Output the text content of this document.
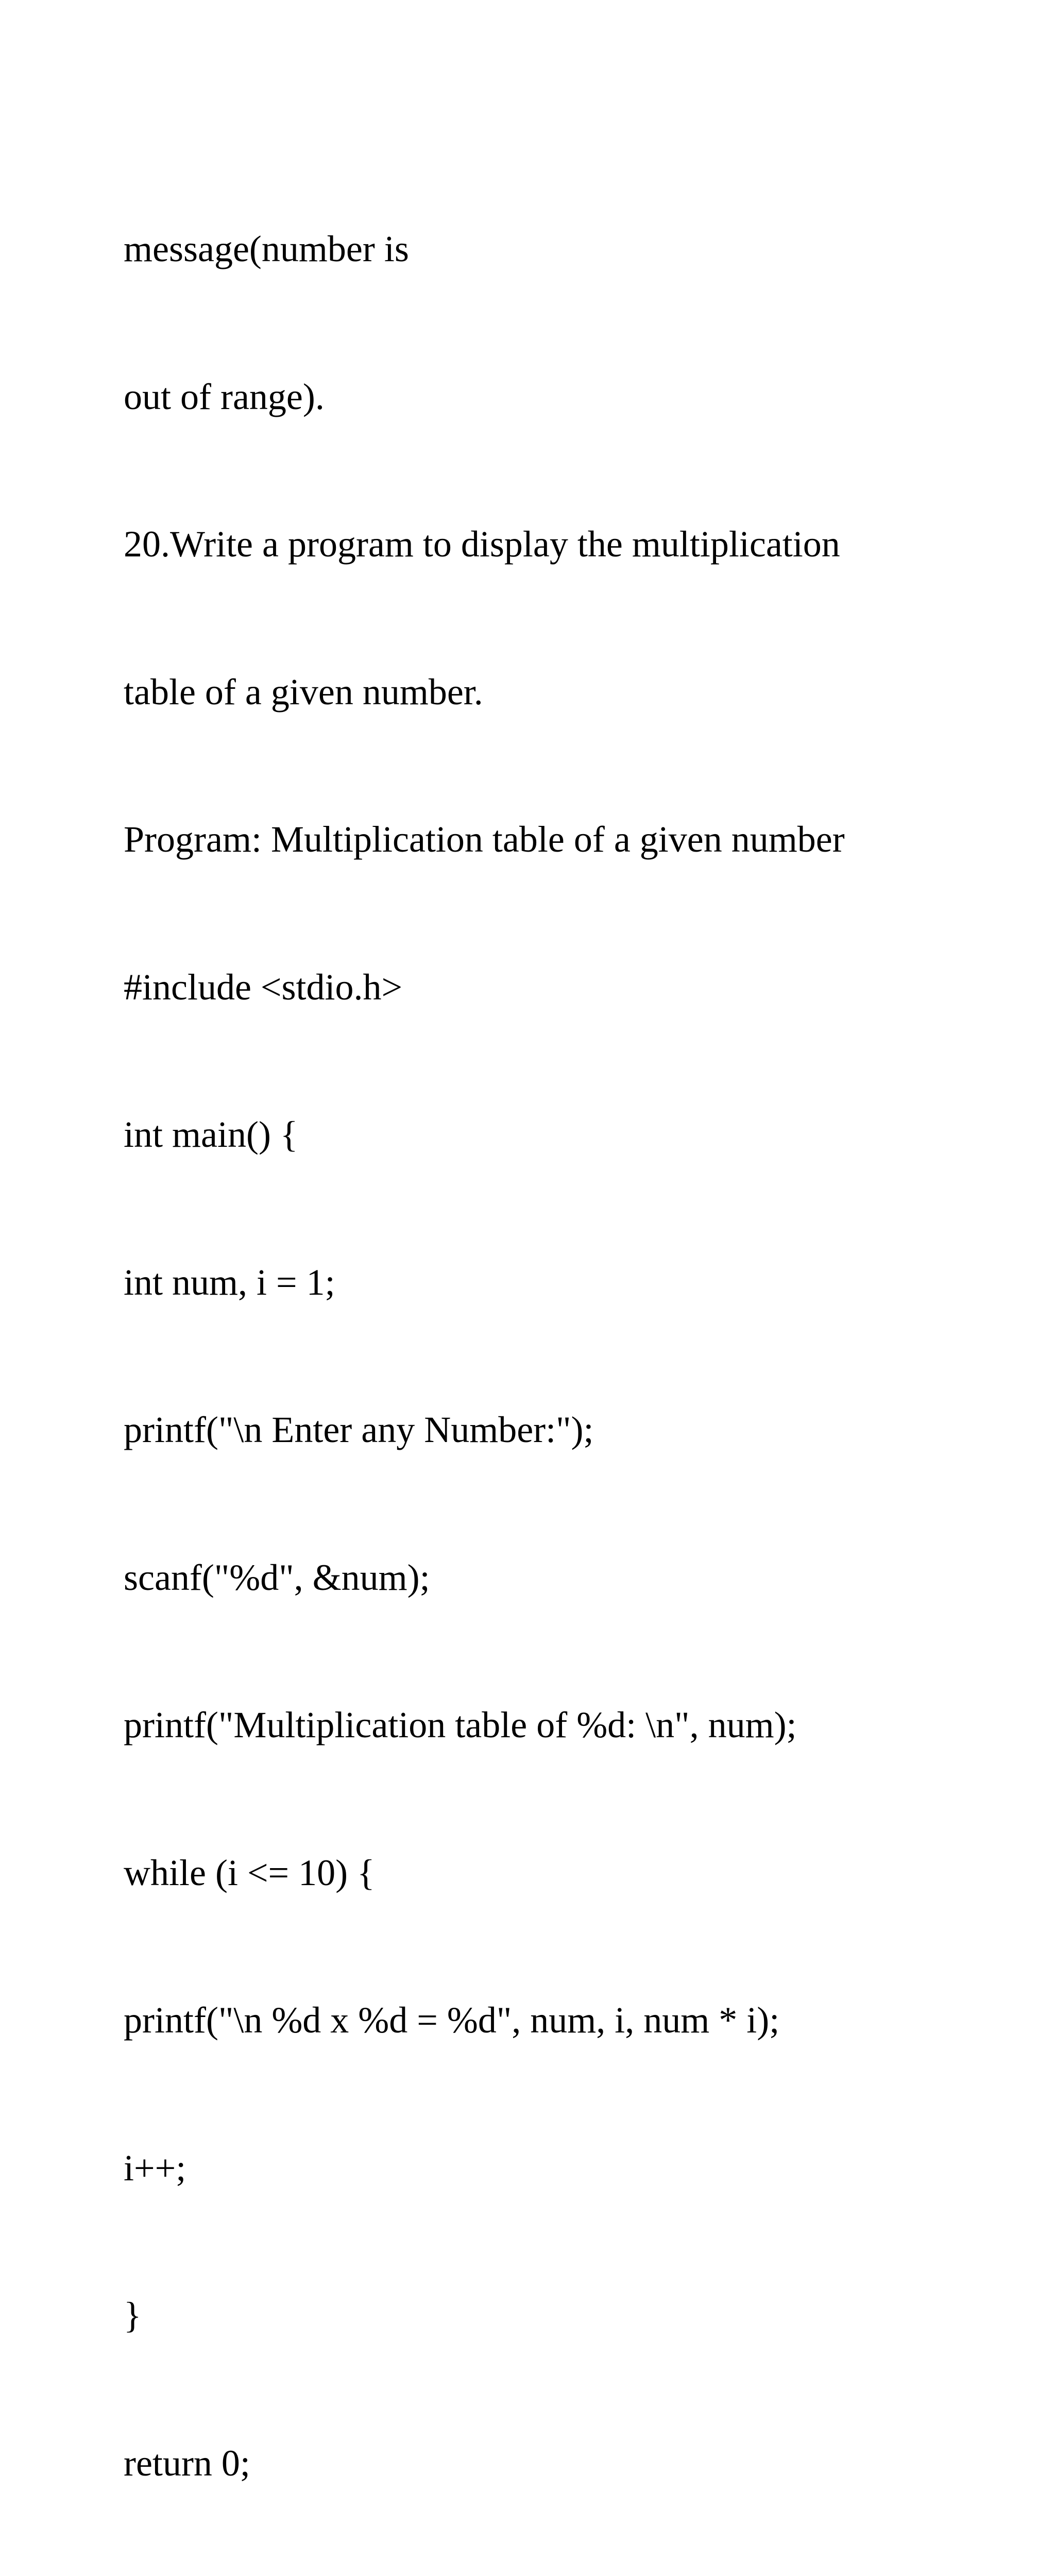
message(number is

out of range).

20.Write a program to display the multiplication

table of a given number.

Program: Multiplication table of a given number

#include <stdio.h>

int main() {

int num, i = 1;

printf("\n Enter any Number:");

scanf("%d", &num);

printf("Multiplication table of %d: \n", num);

while (i <= 10) {

printf("\n %d x %d = %d", num, i, num * i);

i++;

}

return 0;
